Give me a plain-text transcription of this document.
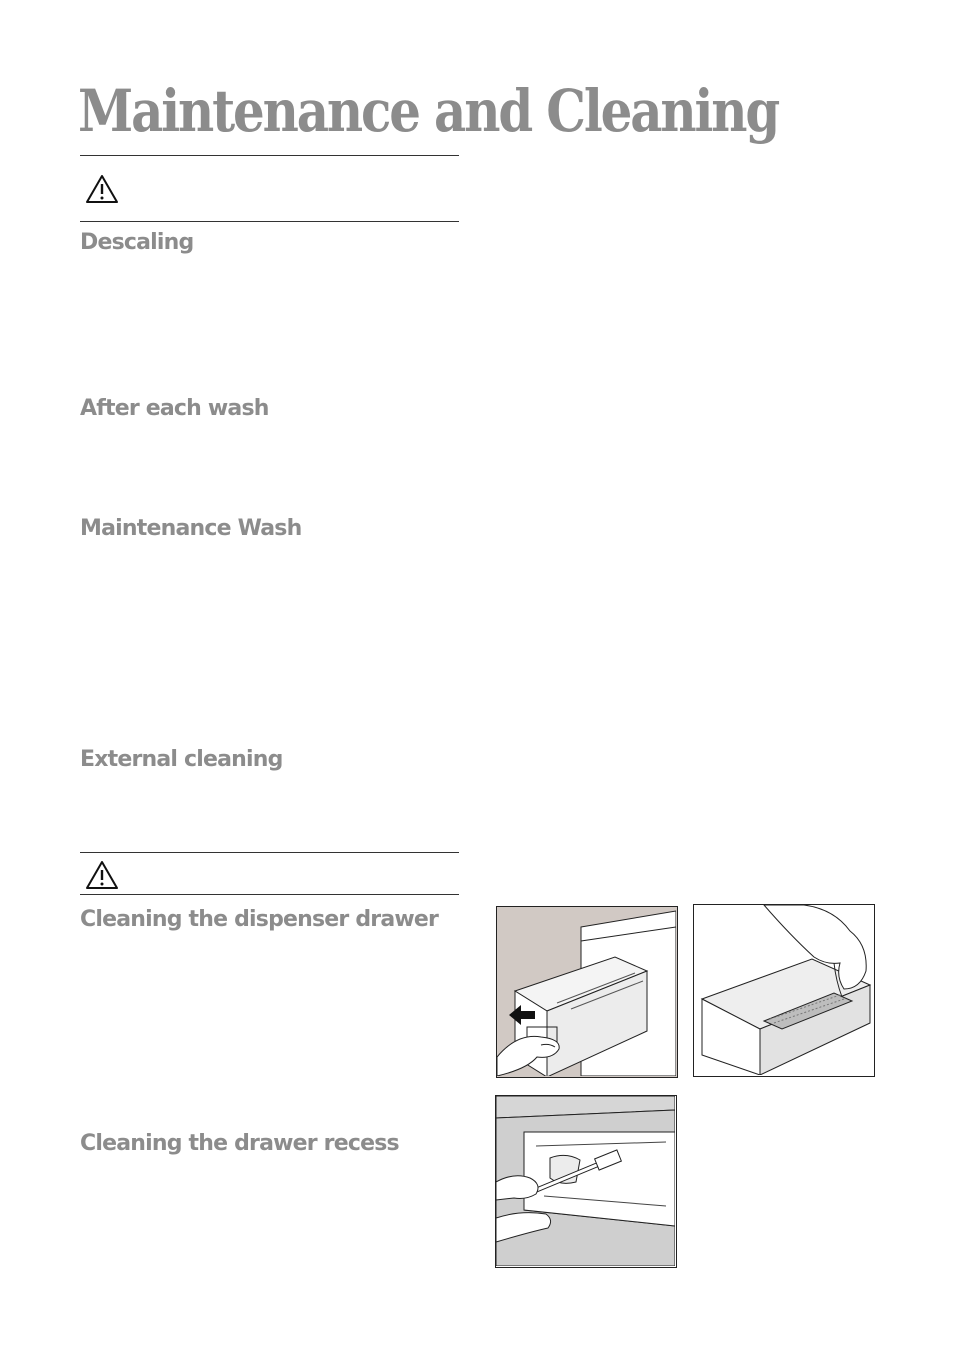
Maintenance and Cleaning
Descaling
After each wash
Maintenance Wash
External cleaning
Cleaning the dispenser drawer
Cleaning the drawer recess
